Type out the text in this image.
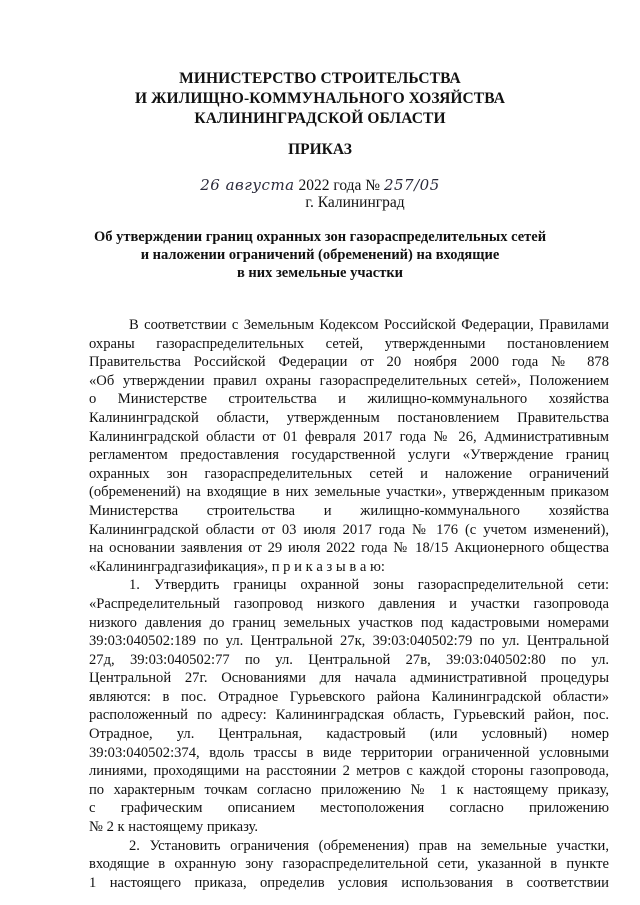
МИНИСТЕРСТВО СТРОИТЕЛЬСТВА
И ЖИЛИЩНО-КОММУНАЛЬНОГО ХОЗЯЙСТВА
КАЛИНИНГРАДСКОЙ ОБЛАСТИ
ПРИКАЗ
26 августа 2022 года № 257/05
г. Калининград
Об утверждении границ охранных зон газораспределительных сетей
и наложении ограничений (обременений) на входящие
в них земельные участки
В соответствии с Земельным Кодексом Российской Федерации, Правилами
охраны газораспределительных сетей, утвержденными постановлением
Правительства Российской Федерации от 20 ноября 2000 года № 878
«Об утверждении правил охраны газораспределительных сетей», Положением
о Министерстве строительства и жилищно-коммунального хозяйства
Калининградской области, утвержденным постановлением Правительства
Калининградской области от 01 февраля 2017 года № 26, Административным
регламентом предоставления государственной услуги «Утверждение границ
охранных зон газораспределительных сетей и наложение ограничений
(обременений) на входящие в них земельные участки», утвержденным приказом
Министерства строительства и жилищно-коммунального хозяйства
Калининградской области от 03 июля 2017 года № 176 (с учетом изменений),
на основании заявления от 29 июля 2022 года № 18/15 Акционерного общества
«Калининградгазификация», п р и к а з ы в а ю:
1. Утвердить границы охранной зоны газораспределительной сети:
«Распределительный газопровод низкого давления и участки газопровода
низкого давления до границ земельных участков под кадастровыми номерами
39:03:040502:189 по ул. Центральной 27к, 39:03:040502:79 по ул. Центральной
27д, 39:03:040502:77 по ул. Центральной 27в, 39:03:040502:80 по ул.
Центральной 27г. Основаниями для начала административной процедуры
являются: в пос. Отрадное Гурьевского района Калининградской области»
расположенный по адресу: Калининградская область, Гурьевский район, пос.
Отрадное, ул. Центральная, кадастровый (или условный) номер
39:03:040502:374, вдоль трассы в виде территории ограниченной условными
линиями, проходящими на расстоянии 2 метров с каждой стороны газопровода,
по характерным точкам согласно приложению № 1 к настоящему приказу,
с графическим описанием местоположения согласно приложению
№ 2 к настоящему приказу.
2. Установить ограничения (обременения) прав на земельные участки,
входящие в охранную зону газораспределительной сети, указанной в пункте
1 настоящего приказа, определив условия использования в соответствии
